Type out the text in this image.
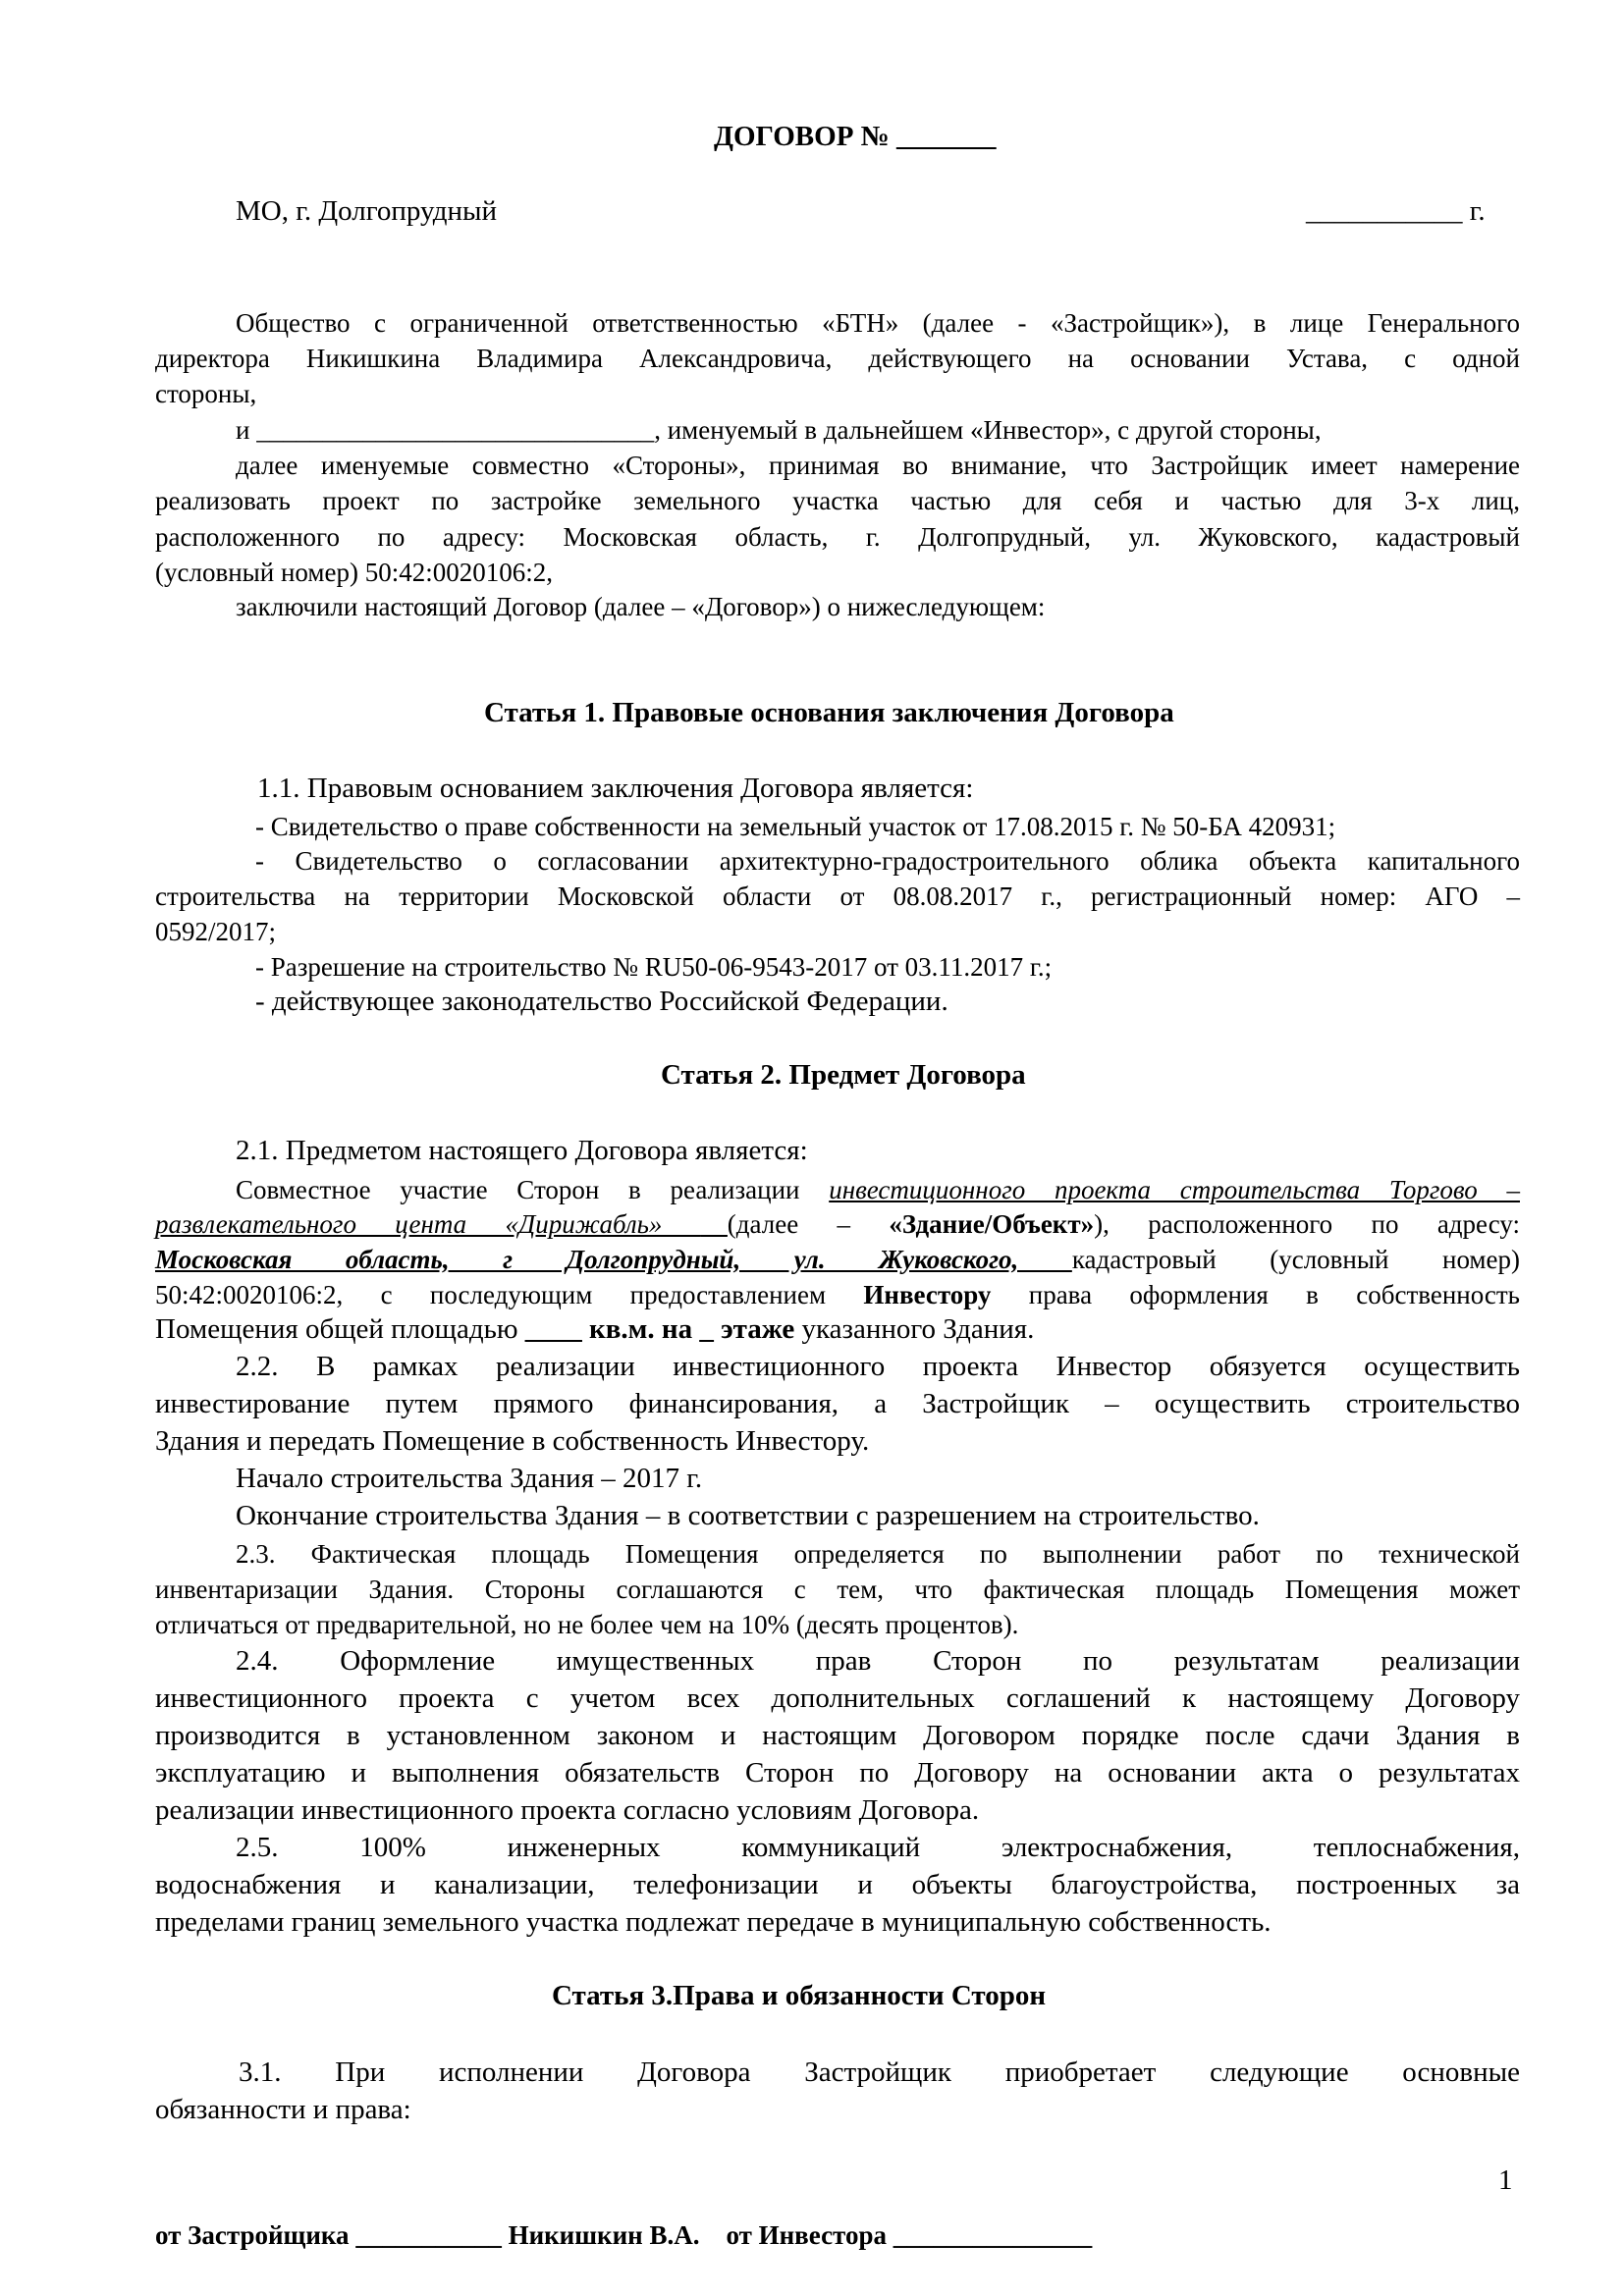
ДОГОВОР № _______
МО, г. Долгопрудный	___________ г.
Общество с ограниченной ответственностью «БТН» (далее - «Застройщик»), в лице Генерального
директора Никишкина Владимира Александровича, действующего на основании Устава, с одной
стороны,
и ______________________________, именуемый в дальнейшем «Инвестор», с другой стороны,
далее именуемые совместно «Стороны», принимая во внимание, что Застройщик имеет намерение
реализовать проект по застройке земельного участка частью для себя и частью для 3-х лиц,
расположенного по адресу: Московская область, г. Долгопрудный, ул. Жуковского, кадастровый
(условный номер) 50:42:0020106:2,
заключили настоящий Договор (далее – «Договор») о нижеследующем:
Статья 1. Правовые основания заключения Договора
1.1. Правовым основанием заключения Договора является:
- Свидетельство о праве собственности на земельный участок от 17.08.2015 г. № 50-БА 420931;
- Свидетельство о согласовании архитектурно-градостроительного облика объекта капитального
строительства на территории Московской области от 08.08.2017 г., регистрационный номер: АГО –
0592/2017;
- Разрешение на строительство № RU50-06-9543-2017 от 03.11.2017 г.;
- действующее законодательство Российской Федерации.
Статья 2. Предмет Договора
2.1. Предметом настоящего Договора является:
Совместное участие Сторон в реализации инвестиционного проекта строительства Торгово –
развлекательного цента «Дирижабль» __(далее – «Здание/Объект»), расположенного по адресу:
Московская область, г Долгопрудный, ул. Жуковского, кадастровый (условный номер)
50:42:0020106:2, с последующим предоставлением Инвестору права оформления в собственность
Помещения общей площадью ____ кв.м. на _ этаже указанного Здания.
2.2. В рамках реализации инвестиционного проекта Инвестор обязуется осуществить
инвестирование путем прямого финансирования, а Застройщик – осуществить строительство
Здания и передать Помещение в собственность Инвестору.
Начало строительства Здания – 2017 г.
Окончание строительства Здания – в соответствии с разрешением на строительство.
2.3. Фактическая площадь Помещения определяется по выполнении работ по технической
инвентаризации Здания. Стороны соглашаются с тем, что фактическая площадь Помещения может
отличаться от предварительной, но не более чем на 10% (десять процентов).
2.4. Оформление имущественных прав Сторон по результатам реализации
инвестиционного проекта с учетом всех дополнительных соглашений к настоящему Договору
производится в установленном законом и настоящим Договором порядке после сдачи Здания в
эксплуатацию и выполнения обязательств Сторон по Договору на основании акта о результатах
реализации инвестиционного проекта согласно условиям Договора.
2.5. 100% инженерных коммуникаций электроснабжения, теплоснабжения,
водоснабжения и канализации, телефонизации и объекты благоустройства, построенных за
пределами границ земельного участка подлежат передаче в муниципальную собственность.
Статья 3.Права и обязанности Сторон
3.1. При исполнении Договора Застройщик приобретает следующие основные
обязанности и права:
1
от Застройщика ___________ Никишкин В.А.    от Инвестора _______________
